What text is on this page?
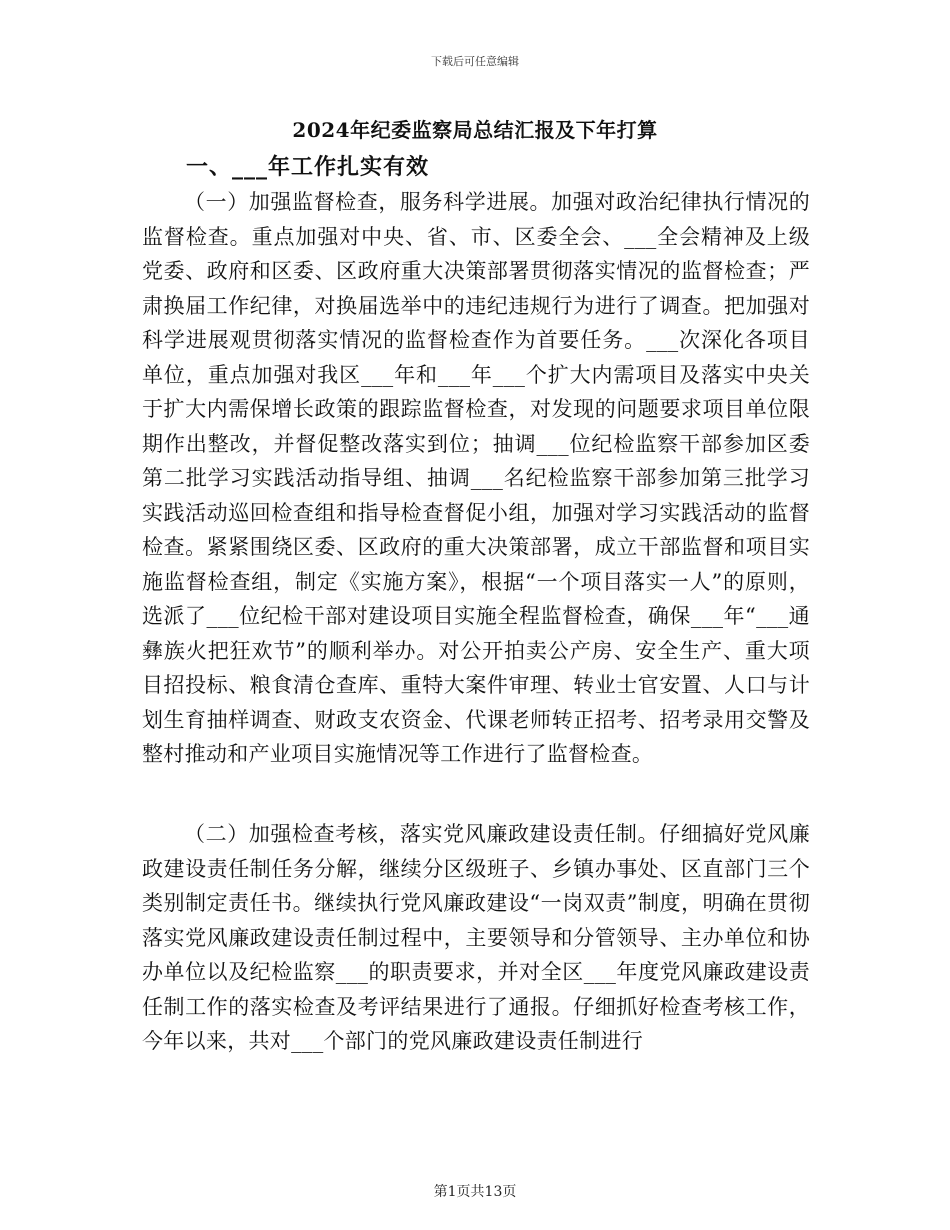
下载后可任意编辑
2024年纪委监察局总结汇报及下年打算
一、___年工作扎实有效

（一）加强监督检查，服务科学进展。加强对政治纪律执行情况的监督检查。重点加强对中央、省、市、区委全会、___全会精神及上级党委、政府和区委、区政府重大决策部署贯彻落实情况的监督检查；严肃换届工作纪律，对换届选举中的违纪违规行为进行了调查。把加强对科学进展观贯彻落实情况的监督检查作为首要任务。___次深化各项目单位，重点加强对我区___年和___年___个扩大内需项目及落实中央关于扩大内需保增长政策的跟踪监督检查，对发现的问题要求项目单位限期作出整改，并督促整改落实到位；抽调___位纪检监察干部参加区委第二批学习实践活动指导组、抽调___名纪检监察干部参加第三批学习实践活动巡回检查组和指导检查督促小组，加强对学习实践活动的监督检查。紧紧围绕区委、区政府的重大决策部署，成立干部监督和项目实施监督检查组，制定《实施方案》，根据“一个项目落实一人”的原则，选派了___位纪检干部对建设项目实施全程监督检查，确保___年“___通彝族火把狂欢节”的顺利举办。对公开拍卖公产房、安全生产、重大项目招投标、粮食清仓查库、重特大案件审理、转业士官安置、人口与计划生育抽样调查、财政支农资金、代课老师转正招考、招考录用交警及整村推动和产业项目实施情况等工作进行了监督检查。

（二）加强检查考核，落实党风廉政建设责任制。仔细搞好党风廉政建设责任制任务分解，继续分区级班子、乡镇办事处、区直部门三个类别制定责任书。继续执行党风廉政建设“一岗双责”制度，明确在贯彻落实党风廉政建设责任制过程中，主要领导和分管领导、主办单位和协办单位以及纪检监察___的职责要求，并对全区___年度党风廉政建设责任制工作的落实检查及考评结果进行了通报。仔细抓好检查考核工作，今年以来，共对___个部门的党风廉政建设责任制进行

第1页共13页
